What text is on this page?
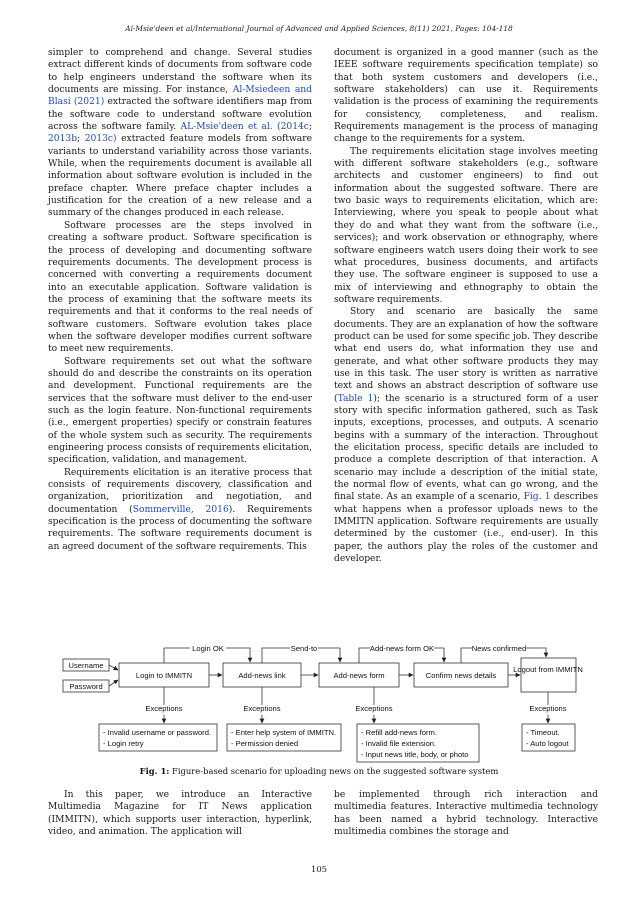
Al-Msie'deen et al/International Journal of Advanced and Applied Sciences, 8(11) 2021, Pages: 104-118

simpler to comprehend and change. Several studies extract different kinds of documents from software code to help engineers understand the software when its documents are missing. For instance, Al-Msiedeen and Blasi (2021) extracted the software identifiers map from the software code to understand software evolution across the software family. AL-Msie'deen et al. (2014c; 2013b; 2013c) extracted feature models from software variants to understand variability across those variants. While, when the requirements document is available all information about software evolution is included in the preface chapter. Where preface chapter includes a justification for the creation of a new release and a summary of the changes produced in each release.

Software processes are the steps involved in creating a software product. Software specification is the process of developing and documenting software requirements documents. The development process is concerned with converting a requirements document into an executable application. Software validation is the process of examining that the software meets its requirements and that it conforms to the real needs of software customers. Software evolution takes place when the software developer modifies current software to meet new requirements.

Software requirements set out what the software should do and describe the constraints on its operation and development. Functional requirements are the services that the software must deliver to the end-user such as the login feature. Non-functional requirements (i.e., emergent properties) specify or constrain features of the whole system such as security. The requirements engineering process consists of requirements elicitation, specification, validation, and management.

Requirements elicitation is an iterative process that consists of requirements discovery, classification and organization, prioritization and negotiation, and documentation (Sommerville, 2016). Requirements specification is the process of documenting the software requirements. The software requirements document is an agreed document of the software requirements. This

document is organized in a good manner (such as the IEEE software requirements specification template) so that both system customers and developers (i.e., software stakeholders) can use it. Requirements validation is the process of examining the requirements for consistency, completeness, and realism. Requirements management is the process of managing change to the requirements for a system.

The requirements elicitation stage involves meeting with different software stakeholders (e.g., software architects and customer engineers) to find out information about the suggested software. There are two basic ways to requirements elicitation, which are: Interviewing, where you speak to people about what they do and what they want from the software (i.e., services); and work observation or ethnography, where software engineers watch users doing their work to see what procedures, business documents, and artifacts they use. The software engineer is supposed to use a mix of interviewing and ethnography to obtain the software requirements.

Story and scenario are basically the same documents. They are an explanation of how the software product can be used for some specific job. They describe what end users do, what information they use and generate, and what other software products they may use in this task. The user story is written as narrative text and shows an abstract description of software use (Table 1); the scenario is a structured form of a user story with specific information gathered, such as Task inputs, exceptions, processes, and outputs. A scenario begins with a summary of the interaction. Throughout the elicitation process, specific details are included to produce a complete description of that interaction. A scenario may include a description of the initial state, the normal flow of events, what can go wrong, and the final state. As an example of a scenario, Fig. 1 describes what happens when a professor uploads news to the IMMITN application. Software requirements are usually determined by the customer (i.e., end-user). In this paper, the authors play the roles of the customer and developer.

Username
Password
Login to IMMITN	Add-news link	Add-news form	Confirm news details
Logout from IMMITN
Login OK	Send-to	Add-news form OK	News confirmed
Exceptions	Exceptions	Exceptions	Exceptions
- Invalid username or password.
- Login retry
- Enter help system of IMMITN.
- Permission denied
- Refill add-news form.
- Invalid file extension.
- Input news title, body, or photo
- Timeout.
- Auto logout
Fig. 1: Figure-based scenario for uploading news on the suggested software system

In this paper, we introduce an Interactive Multimedia Magazine for IT News application (IMMITN), which supports user interaction, hyperlink, video, and animation. The application will

be implemented through rich interaction and multimedia features. Interactive multimedia technology has been named a hybrid technology. Interactive multimedia combines the storage and

105
